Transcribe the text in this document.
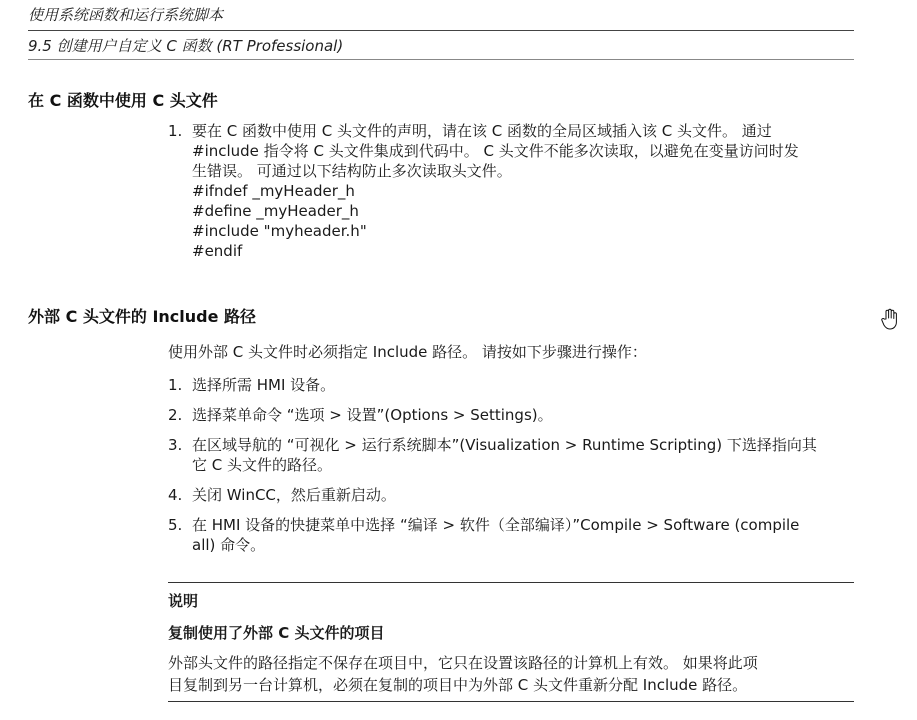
使用系统函数和运行系统脚本
9.5 创建用户自定义 C 函数 (RT Professional)
在 C 函数中使用 C 头文件
1. 要在 C 函数中使用 C 头文件的声明，请在该 C 函数的全局区域插入该 C 头文件。 通过
#include 指令将 C 头文件集成到代码中。 C 头文件不能多次读取，以避免在变量访问时发
生错误。 可通过以下结构防止多次读取头文件。
#ifndef _myHeader_h
#define _myHeader_h
#include "myheader.h"
#endif
外部 C 头文件的 Include 路径
使用外部 C 头文件时必须指定 Include 路径。 请按如下步骤进行操作：
1. 选择所需 HMI 设备。
2. 选择菜单命令 “选项 > 设置”(Options > Settings)。
3. 在区域导航的 “可视化 > 运行系统脚本”(Visualization > Runtime Scripting) 下选择指向其
它 C 头文件的路径。
4. 关闭 WinCC，然后重新启动。
5. 在 HMI 设备的快捷菜单中选择 “编译 > 软件（全部编译）”Compile > Software (compile
all) 命令。
说明
复制使用了外部 C 头文件的项目
外部头文件的路径指定不保存在项目中，它只在设置该路径的计算机上有效。 如果将此项
目复制到另一台计算机，必须在复制的项目中为外部 C 头文件重新分配 Include 路径。
